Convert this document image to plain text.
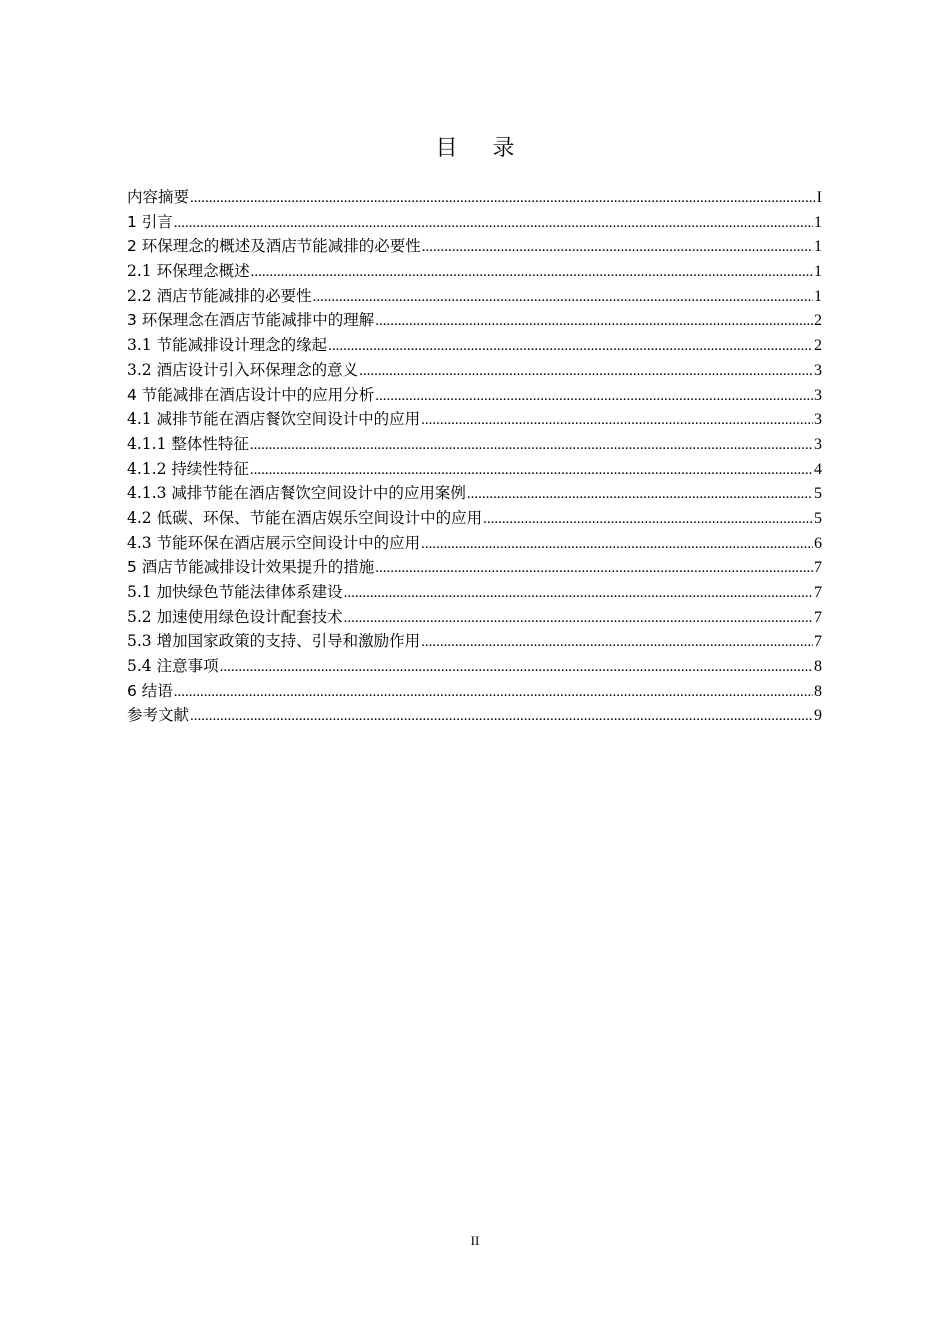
目 录
内容摘要 .....	I
1 引言 .....	1
2 环保理念的概述及酒店节能减排的必要性 .....	1
2.1 环保理念概述 .....	1
2.2 酒店节能减排的必要性 .....	1
3 环保理念在酒店节能减排中的理解 .....	2
3.1 节能减排设计理念的缘起 .....	2
3.2 酒店设计引入环保理念的意义 .....	3
4 节能减排在酒店设计中的应用分析 .....	3
4.1 减排节能在酒店餐饮空间设计中的应用 .....	3
4.1.1 整体性特征 .....	3
4.1.2 持续性特征 .....	4
4.1.3 减排节能在酒店餐饮空间设计中的应用案例 .....	5
4.2 低碳、环保、节能在酒店娱乐空间设计中的应用 .....	5
4.3 节能环保在酒店展示空间设计中的应用 .....	6
5 酒店节能减排设计效果提升的措施 .....	7
5.1 加快绿色节能法律体系建设 .....	7
5.2 加速使用绿色设计配套技术 .....	7
5.3 增加国家政策的支持、引导和激励作用 .....	7
5.4 注意事项 .....	8
6 结语 .....	8
参考文献 .....	9
II
